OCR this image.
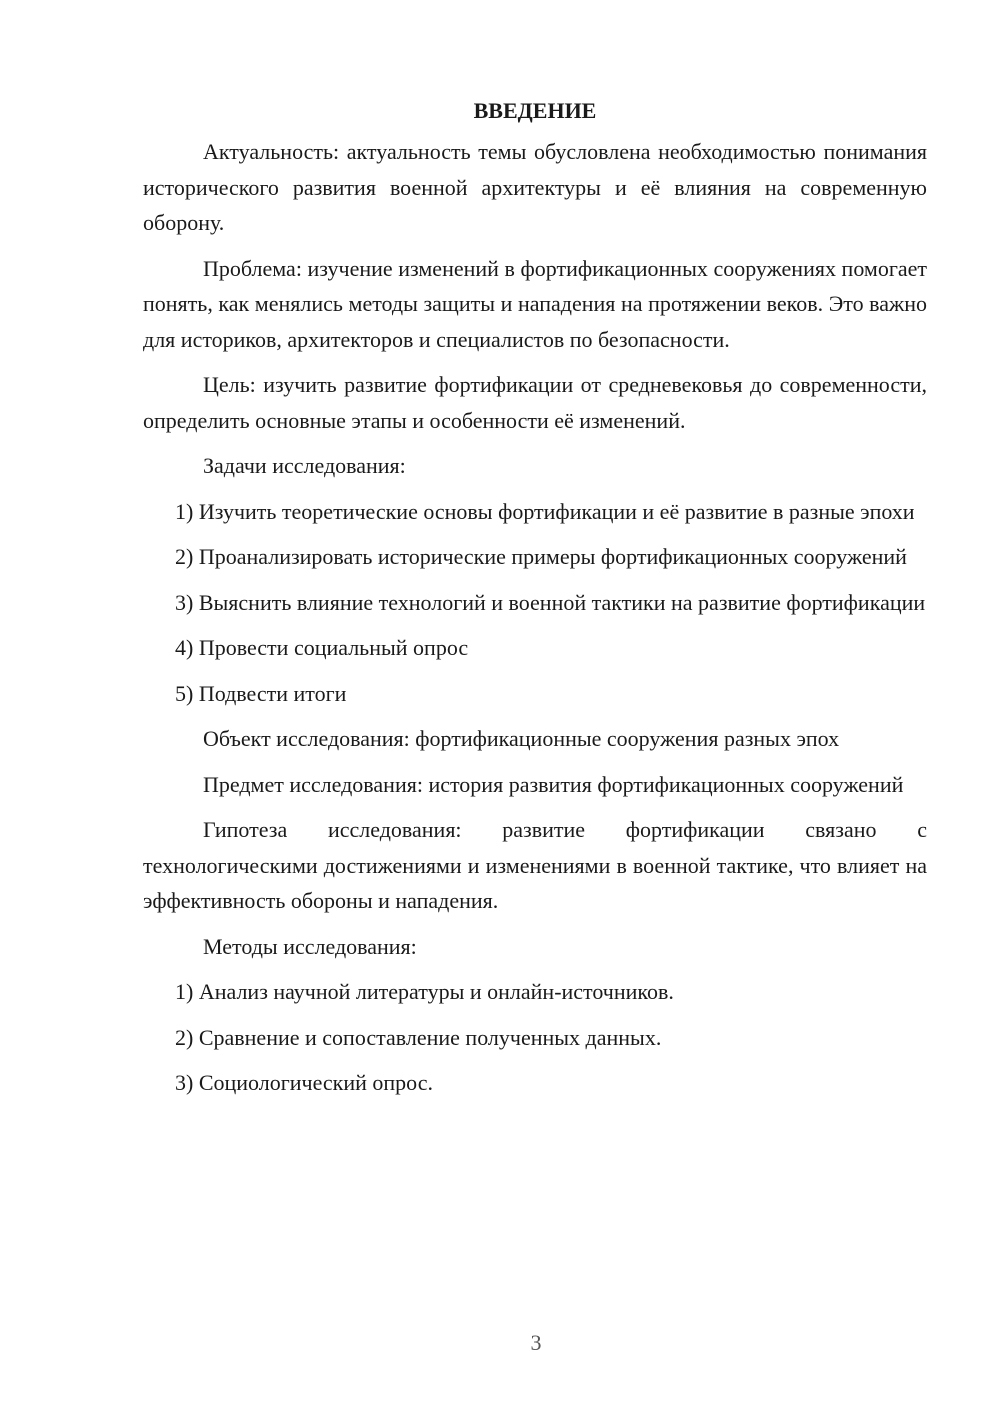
ВВЕДЕНИЕ

Актуальность: актуальность темы обусловлена необходимостью понимания исторического развития военной архитектуры и её влияния на современную оборону.

Проблема: изучение изменений в фортификационных сооружениях помогает понять, как менялись методы защиты и нападения на протяжении веков. Это важно для историков, архитекторов и специалистов по безопасности.

Цель: изучить развитие фортификации от средневековья до современности, определить основные этапы и особенности её изменений.

Задачи исследования:

1) Изучить теоретические основы фортификации и её развитие в разные эпохи

2) Проанализировать исторические примеры фортификационных сооружений

3) Выяснить влияние технологий и военной тактики на развитие фортификации

4) Провести социальный опрос

5) Подвести итоги

Объект исследования: фортификационные сооружения разных эпох

Предмет исследования: история развития фортификационных сооружений

Гипотеза исследования: развитие фортификации связано с технологическими достижениями и изменениями в военной тактике, что влияет на эффективность обороны и нападения.

Методы исследования:

1) Анализ научной литературы и онлайн-источников.

2) Сравнение и сопоставление полученных данных.

3) Социологический опрос.

3
